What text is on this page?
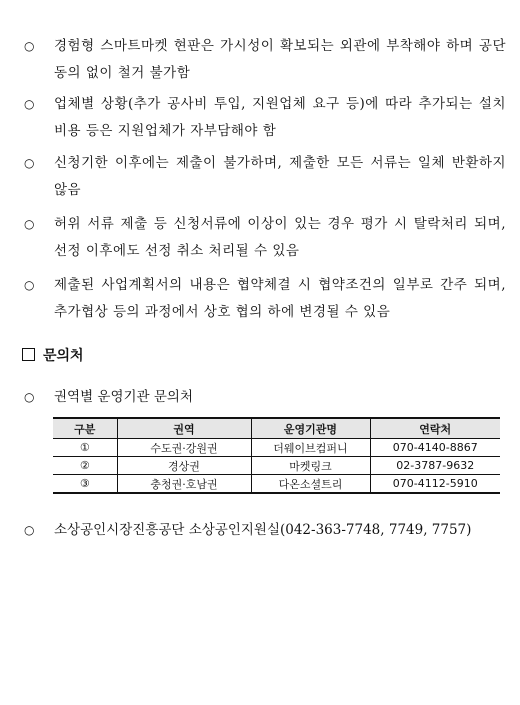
○	경험형 스마트마켓 현판은 가시성이 확보되는 외관에 부착해야 하며 공단 동의 없이 철거 불가함
○	업체별 상황(추가 공사비 투입, 지원업체 요구 등)에 따라 추가되는 설치비용 등은 지원업체가 자부담해야 함
○	신청기한 이후에는 제출이 불가하며, 제출한 모든 서류는 일체 반환하지 않음
○	허위 서류 제출 등 신청서류에 이상이 있는 경우 평가 시 탈락처리 되며, 선정 이후에도 선정 취소 처리될 수 있음
○	제출된 사업계획서의 내용은 협약체결 시 협약조건의 일부로 간주 되며, 추가협상 등의 과정에서 상호 협의 하에 변경될 수 있음
문의처
○ 권역별 운영기관 문의처
구분	권역	운영기관명	연락처
①	수도권·강원권	더웨이브컴퍼니	070-4140-8867
②	경상권	마켓링크	02-3787-9632
③	충청권·호남권	다온소셜트리	070-4112-5910
○ 소상공인시장진흥공단 소상공인지원실(042-363-7748, 7749, 7757)
